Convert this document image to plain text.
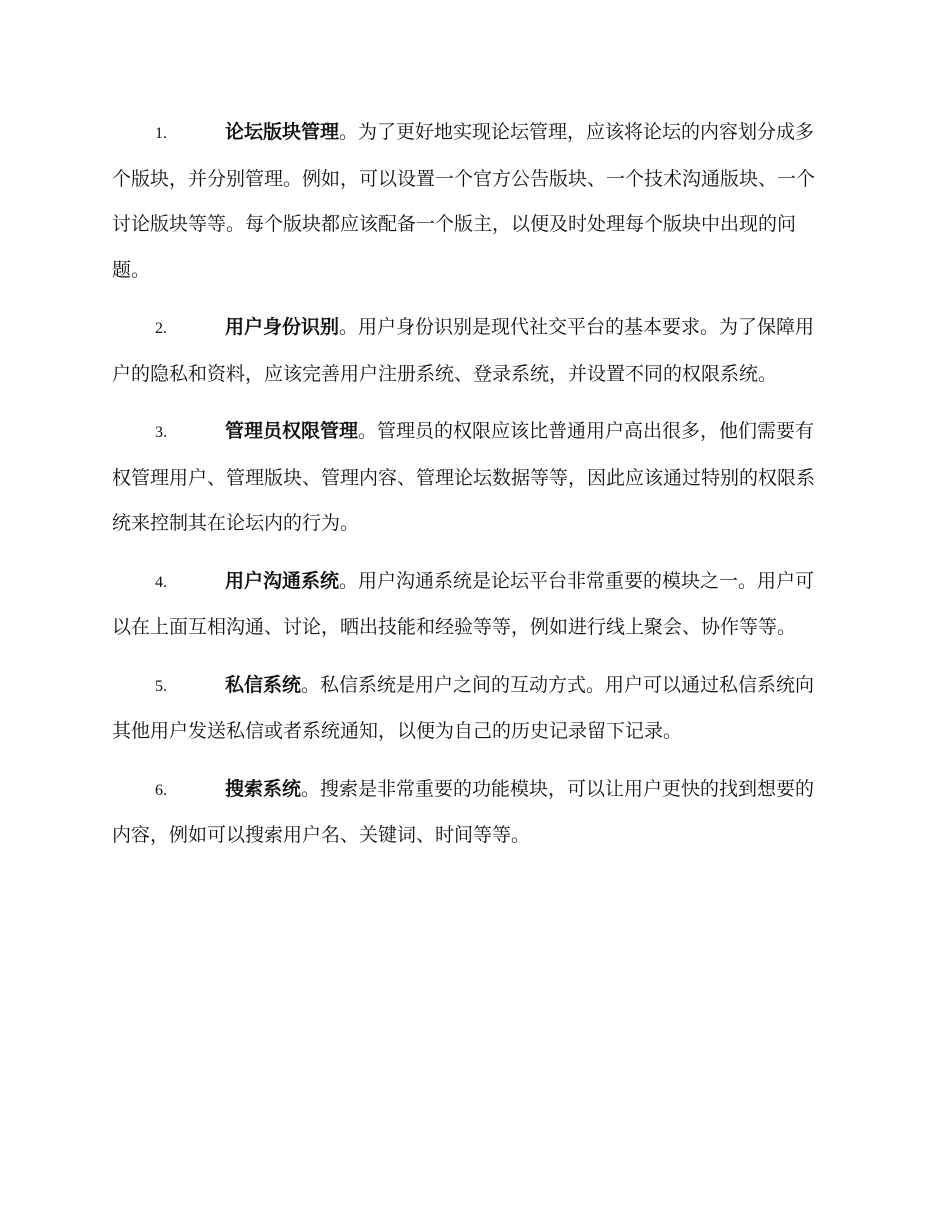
1.	论坛版块管理。为了更好地实现论坛管理，应该将论坛的内容划分成多个版块，并分别管理。例如，可以设置一个官方公告版块、一个技术沟通版块、一个讨论版块等等。每个版块都应该配备一个版主，以便及时处理每个版块中出现的问题。

2.	用户身份识别。用户身份识别是现代社交平台的基本要求。为了保障用户的隐私和资料，应该完善用户注册系统、登录系统，并设置不同的权限系统。

3.	管理员权限管理。管理员的权限应该比普通用户高出很多，他们需要有权管理用户、管理版块、管理内容、管理论坛数据等等，因此应该通过特别的权限系统来控制其在论坛内的行为。

4.	用户沟通系统。用户沟通系统是论坛平台非常重要的模块之一。用户可以在上面互相沟通、讨论，晒出技能和经验等等，例如进行线上聚会、协作等等。

5.	私信系统。私信系统是用户之间的互动方式。用户可以通过私信系统向其他用户发送私信或者系统通知，以便为自己的历史记录留下记录。

6.	搜索系统。搜索是非常重要的功能模块，可以让用户更快的找到想要的内容，例如可以搜索用户名、关键词、时间等等。
